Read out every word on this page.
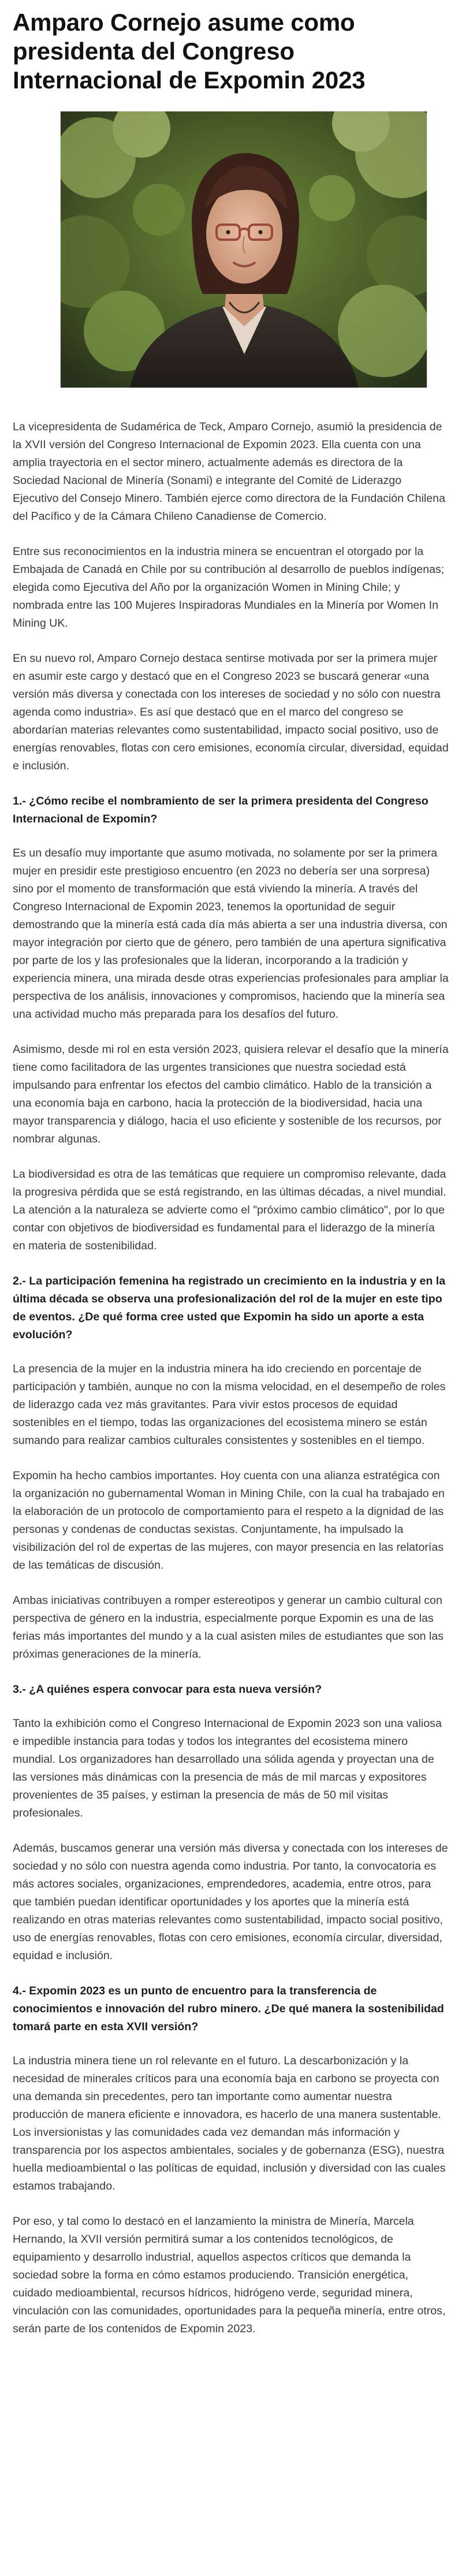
Amparo Cornejo asume como presidenta del Congreso Internacional de Expomin 2023

La vicepresidenta de Sudamérica de Teck, Amparo Cornejo, asumió la presidencia de la XVII versión del Congreso Internacional de Expomin 2023. Ella cuenta con una amplia trayectoria en el sector minero, actualmente además es directora de la Sociedad Nacional de Minería (Sonami) e integrante del Comité de Liderazgo Ejecutivo del Consejo Minero. También ejerce como directora de la Fundación Chilena del Pacífico y de la Cámara Chileno Canadiense de Comercio.

Entre sus reconocimientos en la industria minera se encuentran el otorgado por la Embajada de Canadá en Chile por su contribución al desarrollo de pueblos indígenas; elegida como Ejecutiva del Año por la organización Women in Mining Chile; y nombrada entre las 100 Mujeres Inspiradoras Mundiales en la Minería por Women In Mining UK.

En su nuevo rol, Amparo Cornejo destaca sentirse motivada por ser la primera mujer en asumir este cargo y destacó que en el Congreso 2023 se buscará generar «una versión más diversa y conectada con los intereses de sociedad y no sólo con nuestra agenda como industria». Es así que destacó que en el marco del congreso se abordarían materias relevantes como sustentabilidad, impacto social positivo, uso de energías renovables, flotas con cero emisiones, economía circular, diversidad, equidad e inclusión.

1.- ¿Cómo recibe el nombramiento de ser la primera presidenta del Congreso Internacional de Expomin?

Es un desafío muy importante que asumo motivada, no solamente por ser la primera mujer en presidir este prestigioso encuentro (en 2023 no debería ser una sorpresa) sino por el momento de transformación que está viviendo la minería. A través del Congreso Internacional de Expomin 2023, tenemos la oportunidad de seguir demostrando que la minería está cada día más abierta a ser una industria diversa, con mayor integración por cierto que de género, pero también de una apertura significativa por parte de los y las profesionales que la lideran, incorporando a la tradición y experiencia minera, una mirada desde otras experiencias profesionales para ampliar la perspectiva de los análisis, innovaciones y compromisos, haciendo que la minería sea una actividad mucho más preparada para los desafíos del futuro.

Asimismo, desde mi rol en esta versión 2023, quisiera relevar el desafío que la minería tiene como facilitadora de las urgentes transiciones que nuestra sociedad está impulsando para enfrentar los efectos del cambio climático. Hablo de la transición a una economía baja en carbono, hacia la protección de la biodiversidad, hacia una mayor transparencia y diálogo, hacia el uso eficiente y sostenible de los recursos, por nombrar algunas.

La biodiversidad es otra de las temáticas que requiere un compromiso relevante, dada la progresiva pérdida que se está registrando, en las últimas décadas, a nivel mundial. La atención a la naturaleza se advierte como el "próximo cambio climático", por lo que contar con objetivos de biodiversidad es fundamental para el liderazgo de la minería en materia de sostenibilidad.

2.- La participación femenina ha registrado un crecimiento en la industria y en la última década se observa una profesionalización del rol de la mujer en este tipo de eventos. ¿De qué forma cree usted que Expomin ha sido un aporte a esta evolución?

La presencia de la mujer en la industria minera ha ido creciendo en porcentaje de participación y también, aunque no con la misma velocidad, en el desempeño de roles de liderazgo cada vez más gravitantes. Para vivir estos procesos de equidad sostenibles en el tiempo, todas las organizaciones del ecosistema minero se están sumando para realizar cambios culturales consistentes y sostenibles en el tiempo.

Expomin ha hecho cambios importantes. Hoy cuenta con una alianza estratégica con la organización no gubernamental Woman in Mining Chile, con la cual ha trabajado en la elaboración de un protocolo de comportamiento para el respeto a la dignidad de las personas y condenas de conductas sexistas. Conjuntamente, ha impulsado la visibilización del rol de expertas de las mujeres, con mayor presencia en las relatorías de las temáticas de discusión.

Ambas iniciativas contribuyen a romper estereotipos y generar un cambio cultural con perspectiva de género en la industria, especialmente porque Expomin es una de las ferias más importantes del mundo y a la cual asisten miles de estudiantes que son las próximas generaciones de la minería.

3.- ¿A quiénes espera convocar para esta nueva versión?

Tanto la exhibición como el Congreso Internacional de Expomin 2023 son una valiosa e impedible instancia para todas y todos los integrantes del ecosistema minero mundial. Los organizadores han desarrollado una sólida agenda y proyectan una de las versiones más dinámicas con la presencia de más de mil marcas y expositores provenientes de 35 países, y estiman la presencia de más de 50 mil visitas profesionales.

Además, buscamos generar una versión más diversa y conectada con los intereses de sociedad y no sólo con nuestra agenda como industria. Por tanto, la convocatoria es más actores sociales, organizaciones, emprendedores, academia, entre otros, para que también puedan identificar oportunidades y los aportes que la minería está realizando en otras materias relevantes como sustentabilidad, impacto social positivo, uso de energías renovables, flotas con cero emisiones, economía circular, diversidad, equidad e inclusión.

4.- Expomin 2023 es un punto de encuentro para la transferencia de conocimientos e innovación del rubro minero. ¿De qué manera la sostenibilidad tomará parte en esta XVII versión?

La industria minera tiene un rol relevante en el futuro. La descarbonización y la necesidad de minerales críticos para una economía baja en carbono se proyecta con una demanda sin precedentes, pero tan importante como aumentar nuestra producción de manera eficiente e innovadora, es hacerlo de una manera sustentable. Los inversionistas y las comunidades cada vez demandan más información y transparencia por los aspectos ambientales, sociales y de gobernanza (ESG), nuestra huella medioambiental o las políticas de equidad, inclusión y diversidad con las cuales estamos trabajando.

Por eso, y tal como lo destacó en el lanzamiento la ministra de Minería, Marcela Hernando, la XVII versión permitirá sumar a los contenidos tecnológicos, de equipamiento y desarrollo industrial, aquellos aspectos críticos que demanda la sociedad sobre la forma en cómo estamos produciendo. Transición energética, cuidado medioambiental, recursos hídricos, hidrógeno verde, seguridad minera, vinculación con las comunidades, oportunidades para la pequeña minería, entre otros, serán parte de los contenidos de Expomin 2023.
